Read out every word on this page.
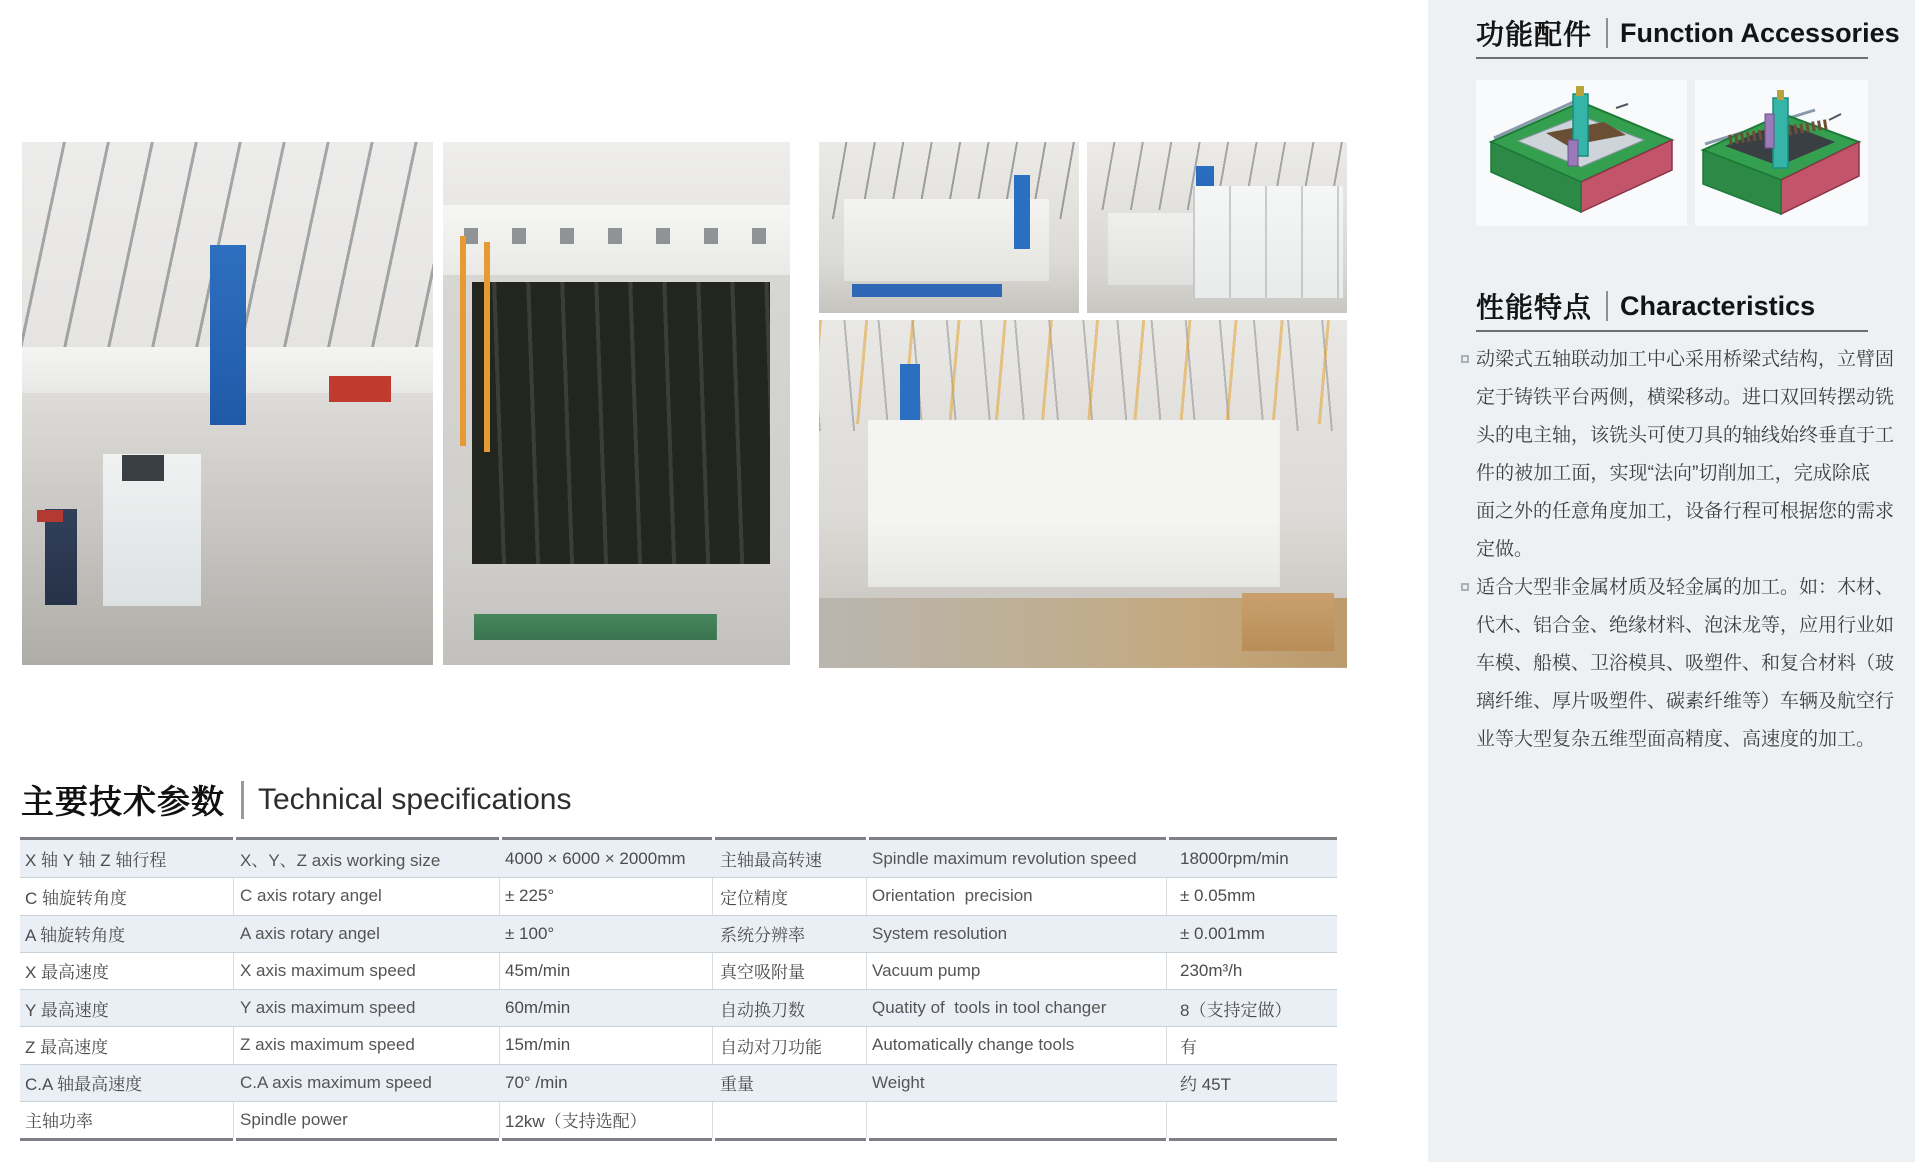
主要技术参数 Technical specifications
X 轴 Y 轴 Z 轴行程	X、Y、Z axis working size	4000 × 6000 × 2000mm	主轴最高转速	Spindle maximum revolution speed	18000rpm/min
C 轴旋转角度	C axis rotary angel	± 225°	定位精度	Orientation  precision	± 0.05mm
A 轴旋转角度	A axis rotary angel	± 100°	系统分辨率	System resolution	± 0.001mm
X 最高速度	X axis maximum speed	45m/min	真空吸附量	Vacuum pump	230m³/h
Y 最高速度	Y axis maximum speed	60m/min	自动换刀数	Quatity of  tools in tool changer	8（支持定做）
Z 最高速度	Z axis maximum speed	15m/min	自动对刀功能	Automatically change tools	有
C.A 轴最高速度	C.A axis maximum speed	70° /min	重量	Weight	约 45T
主轴功率	Spindle power	12kw（支持选配）
功能配件 Function Accessories
性能特点 Characteristics
动梁式五轴联动加工中心采用桥梁式结构，立臂固
定于铸铁平台两侧，横梁移动。进口双回转摆动铣
头的电主轴，该铣头可使刀具的轴线始终垂直于工
件的被加工面，实现“法向”切削加工，完成除底
面之外的任意角度加工，设备行程可根据您的需求
定做。
适合大型非金属材质及轻金属的加工。如：木材、
代木、铝合金、绝缘材料、泡沫龙等，应用行业如
车模、船模、卫浴模具、吸塑件、和复合材料（玻
璃纤维、厚片吸塑件、碳素纤维等）车辆及航空行
业等大型复杂五维型面高精度、高速度的加工。
